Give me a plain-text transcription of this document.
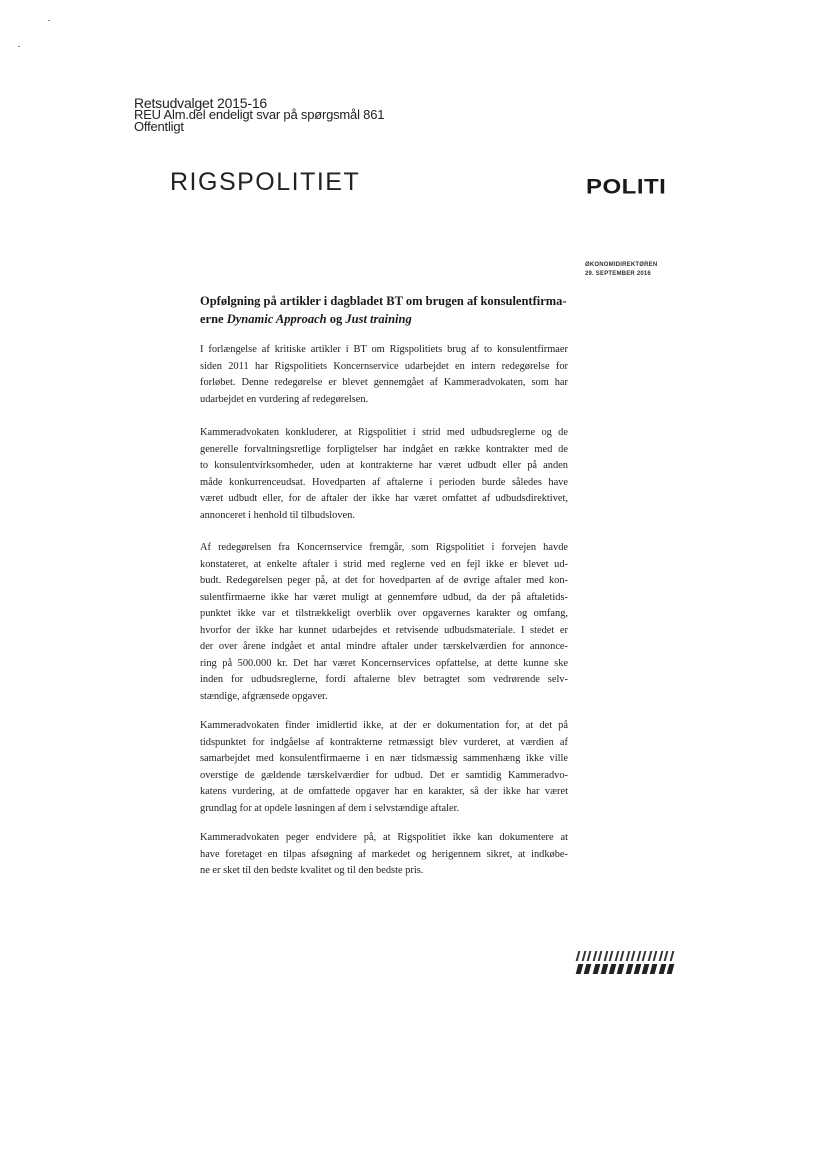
Retsudvalget 2015-16
REU Alm.del endeligt svar på spørgsmål 861
Offentligt
RIGSPOLITIET	POLITI
ØKONOMIDIREKTØREN
29. SEPTEMBER 2016
Opfølgning på artikler i dagbladet BT om brugen af konsulentfirma-
erne Dynamic Approach og Just training
I forlængelse af kritiske artikler i BT om Rigspolitiets brug af to konsulentfirmaer
siden 2011 har Rigspolitiets Koncernservice udarbejdet en intern redegørelse for
forløbet. Denne redegørelse er blevet gennemgået af Kammeradvokaten, som har
udarbejdet en vurdering af redegørelsen.
Kammeradvokaten konkluderer, at Rigspolitiet i strid med udbudsreglerne og de
generelle forvaltningsretlige forpligtelser har indgået en række kontrakter med de
to konsulentvirksomheder, uden at kontrakterne har været udbudt eller på anden
måde konkurrenceudsat. Hovedparten af aftalerne i perioden burde således have
været udbudt eller, for de aftaler der ikke har været omfattet af udbudsdirektivet,
annonceret i henhold til tilbudsloven.
Af redegørelsen fra Koncernservice fremgår, som Rigspolitiet i forvejen havde
konstateret, at enkelte aftaler i strid med reglerne ved en fejl ikke er blevet ud-
budt. Redegørelsen peger på, at det for hovedparten af de øvrige aftaler med kon-
sulentfirmaerne ikke har været muligt at gennemføre udbud, da der på aftaletids-
punktet ikke var et tilstrækkeligt overblik over opgavernes karakter og omfang,
hvorfor der ikke har kunnet udarbejdes et retvisende udbudsmateriale. I stedet er
der over årene indgået et antal mindre aftaler under tærskelværdien for annonce-
ring på 500.000 kr. Det har været Koncernservices opfattelse, at dette kunne ske
inden for udbudsreglerne, fordi aftalerne blev betragtet som vedrørende selv-
stændige, afgrænsede opgaver.
Kammeradvokaten finder imidlertid ikke, at der er dokumentation for, at det på
tidspunktet for indgåelse af kontrakterne retmæssigt blev vurderet, at værdien af
samarbejdet med konsulentfirmaerne i en nær tidsmæssig sammenhæng ikke ville
overstige de gældende tærskelværdier for udbud. Det er samtidig Kammeradvo-
katens vurdering, at de omfattede opgaver har en karakter, så der ikke har været
grundlag for at opdele løsningen af dem i selvstændige aftaler.
Kammeradvokaten peger endvidere på, at Rigspolitiet ikke kan dokumentere at
have foretaget en tilpas afsøgning af markedet og herigennem sikret, at indkøbe-
ne er sket til den bedste kvalitet og til den bedste pris.
